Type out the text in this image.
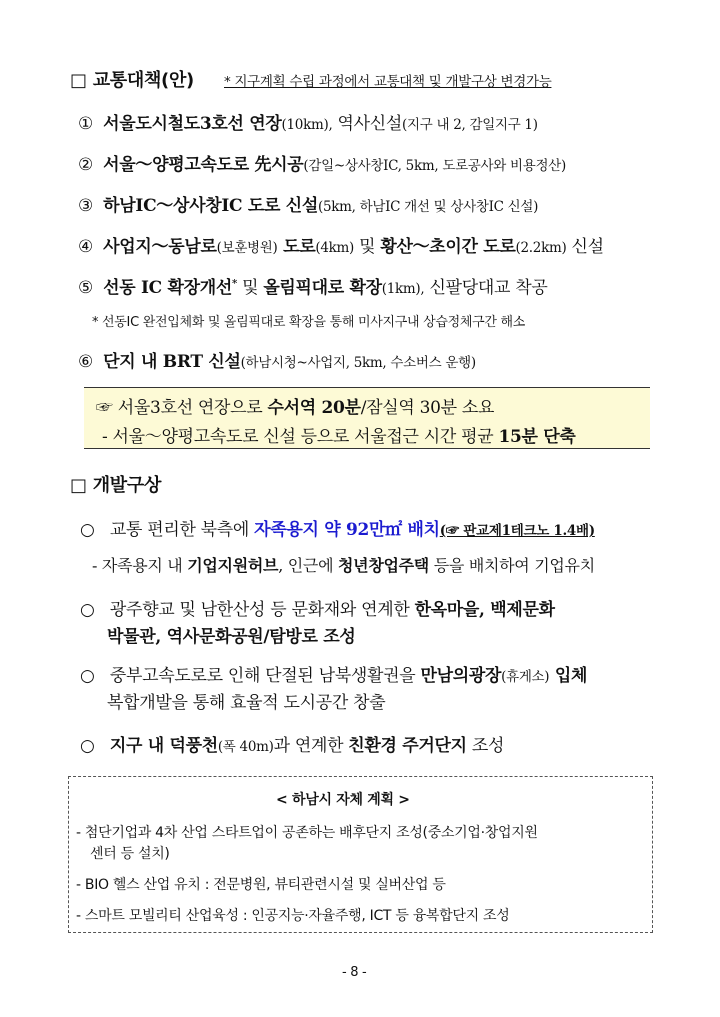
□ 교통대책(안) * 지구계획 수립 과정에서 교통대책 및 개발구상 변경가능
① 서울도시철도3호선 연장(10km), 역사신설(지구 내 2, 감일지구 1)
② 서울～양평고속도로 先시공(감일~상사창IC, 5km, 도로공사와 비용정산)
③ 하남IC～상사창IC 도로 신설(5km, 하남IC 개선 및 상사창IC 신설)
④ 사업지～동남로(보훈병원) 도로(4km) 및 황산～초이간 도로(2.2km) 신설
⑤ 선동 IC 확장개선* 및 올림픽대로 확장(1km), 신팔당대교 착공
* 선동IC 완전입체화 및 올림픽대로 확장을 통해 미사지구내 상습정체구간 해소
⑥ 단지 내 BRT 신설(하남시청~사업지, 5km, 수소버스 운행)
☞ 서울3호선 연장으로 수서역 20분/잠실역 30분 소요
- 서울～양평고속도로 신설 등으로 서울접근 시간 평균 15분 단축
□ 개발구상
○ 교통 편리한 북측에 자족용지 약 92만㎡ 배치(☞ 판교제1테크노 1.4배)
- 자족용지 내 기업지원허브, 인근에 청년창업주택 등을 배치하여 기업유치
○ 광주향교 및 남한산성 등 문화재와 연계한 한옥마을, 백제문화
박물관, 역사문화공원/탐방로 조성
○ 중부고속도로로 인해 단절된 남북생활권을 만남의광장(휴게소) 입체
복합개발을 통해 효율적 도시공간 창출
○ 지구 내 덕풍천(폭 40m)과 연계한 친환경 주거단지 조성
< 하남시 자체 계획 >
- 첨단기업과 4차 산업 스타트업이 공존하는 배후단지 조성(중소기업·창업지원
센터 등 설치)
- BIO 헬스 산업 유치 : 전문병원, 뷰티관련시설 및 실버산업 등
- 스마트 모빌리티 산업육성 : 인공지능·자율주행, ICT 등 융복합단지 조성
- 8 -
